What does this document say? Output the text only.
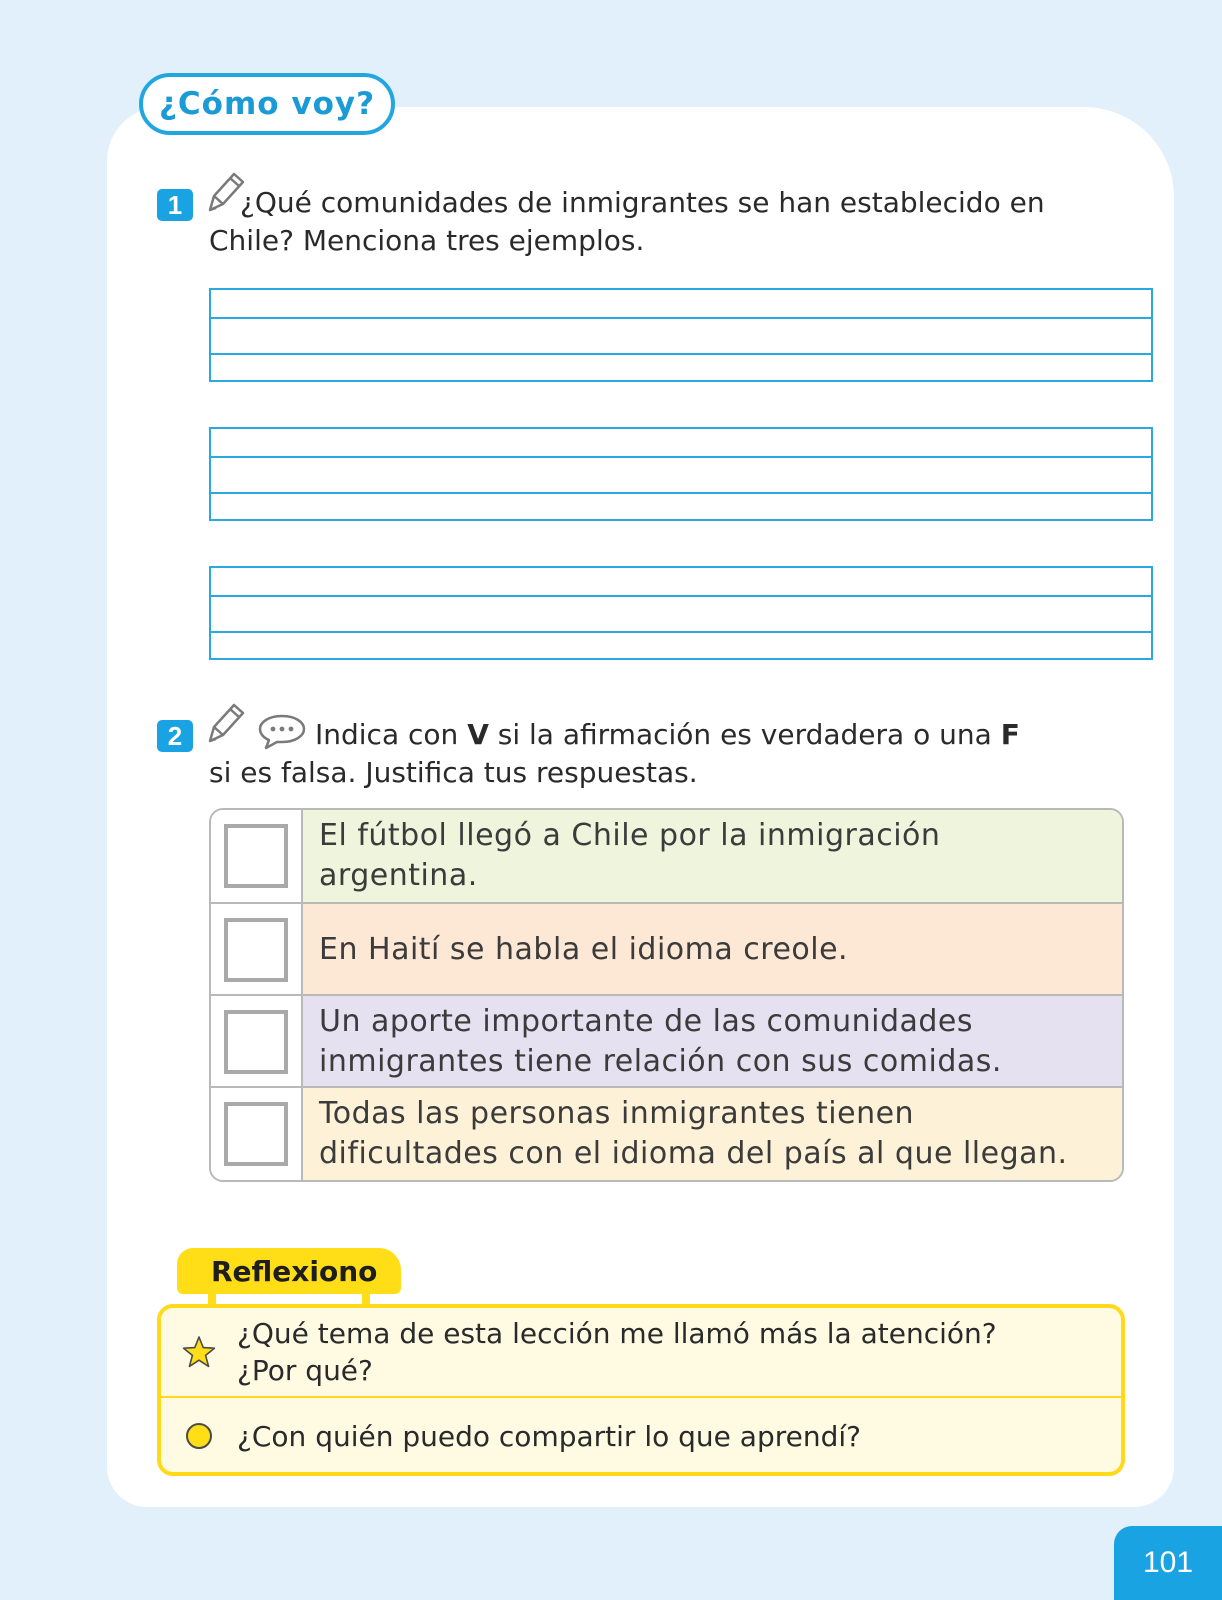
¿Cómo voy?
1	¿Qué comunidades de inmigrantes se han establecido en
Chile? Menciona tres ejemplos.
2	Indica con V si la afirmación es verdadera o una F
si es falsa. Justifica tus respuestas.
El fútbol llegó a Chile por la inmigración
argentina.
En Haití se habla el idioma creole.
Un aporte importante de las comunidades
inmigrantes tiene relación con sus comidas.
Todas las personas inmigrantes tienen
dificultades con el idioma del país al que llegan.
Reflexiono
¿Qué tema de esta lección me llamó más la atención?
¿Por qué?
¿Con quién puedo compartir lo que aprendí?
101
